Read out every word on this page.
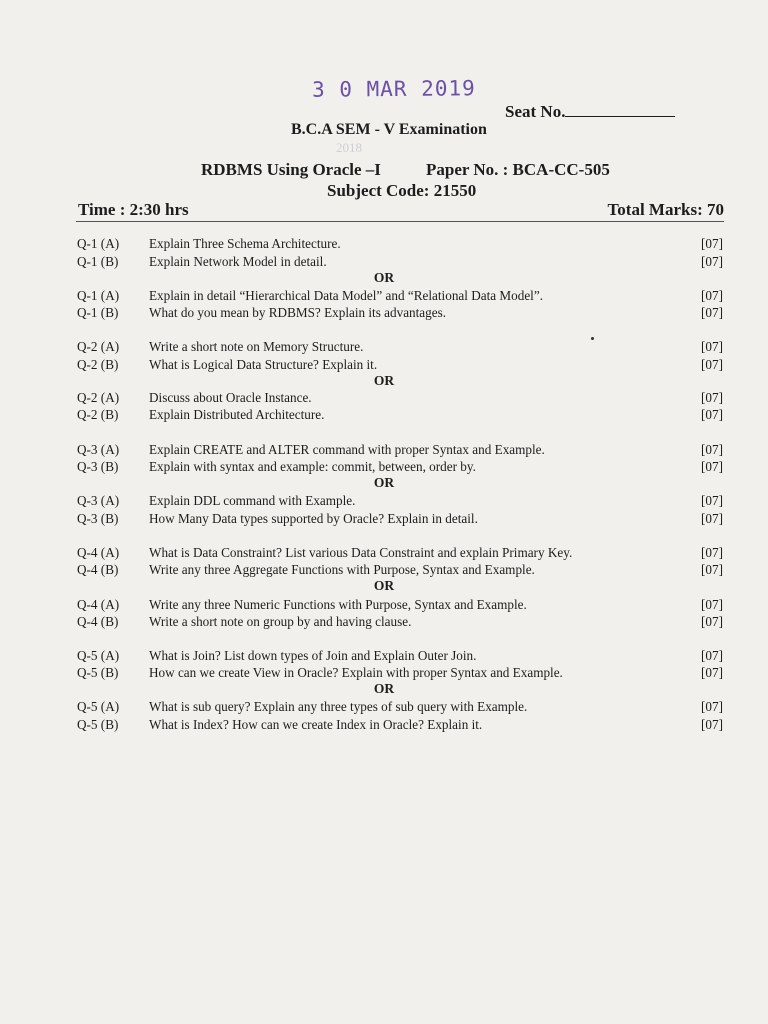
3 0 MAR 2019
Seat No.
B.C.A SEM - V Examination
2018
RDBMS Using Oracle –I	Paper No. : BCA-CC-505
Subject Code: 21550
Time : 2:30 hrs	Total Marks: 70
Q-1 (A) Explain Three Schema Architecture.	[07]
Q-1 (B) Explain Network Model in detail.	[07]
OR
Q-1 (A) Explain in detail “Hierarchical Data Model” and “Relational Data Model”.	[07]
Q-1 (B) What do you mean by RDBMS? Explain its advantages.	[07]
Q-2 (A) Write a short note on Memory Structure.	[07]
Q-2 (B) What is Logical Data Structure? Explain it.	[07]
OR
Q-2 (A) Discuss about Oracle Instance.	[07]
Q-2 (B) Explain Distributed Architecture.	[07]
Q-3 (A) Explain CREATE and ALTER command with proper Syntax and Example.	[07]
Q-3 (B) Explain with syntax and example: commit, between, order by.	[07]
OR
Q-3 (A) Explain DDL command with Example.	[07]
Q-3 (B) How Many Data types supported by Oracle? Explain in detail.	[07]
Q-4 (A) What is Data Constraint? List various Data Constraint and explain Primary Key.	[07]
Q-4 (B) Write any three Aggregate Functions with Purpose, Syntax and Example.	[07]
OR
Q-4 (A) Write any three Numeric Functions with Purpose, Syntax and Example.	[07]
Q-4 (B) Write a short note on group by and having clause.	[07]
Q-5 (A) What is Join? List down types of Join and Explain Outer Join.	[07]
Q-5 (B) How can we create View in Oracle? Explain with proper Syntax and Example.	[07]
OR
Q-5 (A) What is sub query? Explain any three types of sub query with Example.	[07]
Q-5 (B) What is Index? How can we create Index in Oracle? Explain it.	[07]
